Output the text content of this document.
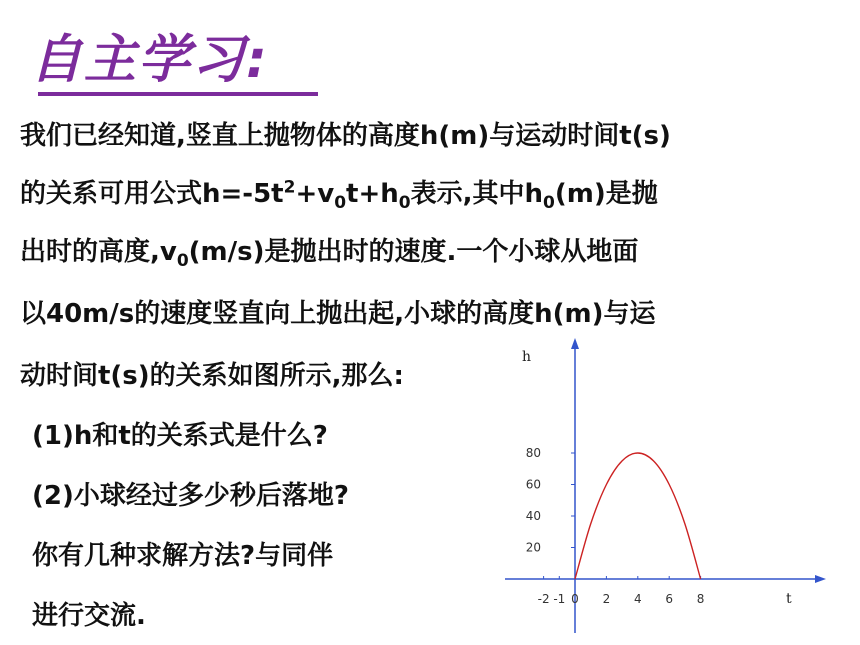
自主学习:
我们已经知道,竖直上抛物体的高度h(m)与运动时间t(s)
的关系可用公式$h=-5t^2+v_0t+h_0$表示,其中$h_0(m)$是抛
出时的高度$,v_0(m/s)$是抛出时的速度.一个小球从地面
以40m/s的速度竖直向上抛出起,小球的高度h(m)与运
动时间t(s)的关系如图所示,那么:
(1)h和t的关系式是什么?
(2)小球经过多少秒后落地?
你有几种求解方法?与同伴
进行交流.
t
h
-2 -1 0 2 4 6 8
20
40
60
80
